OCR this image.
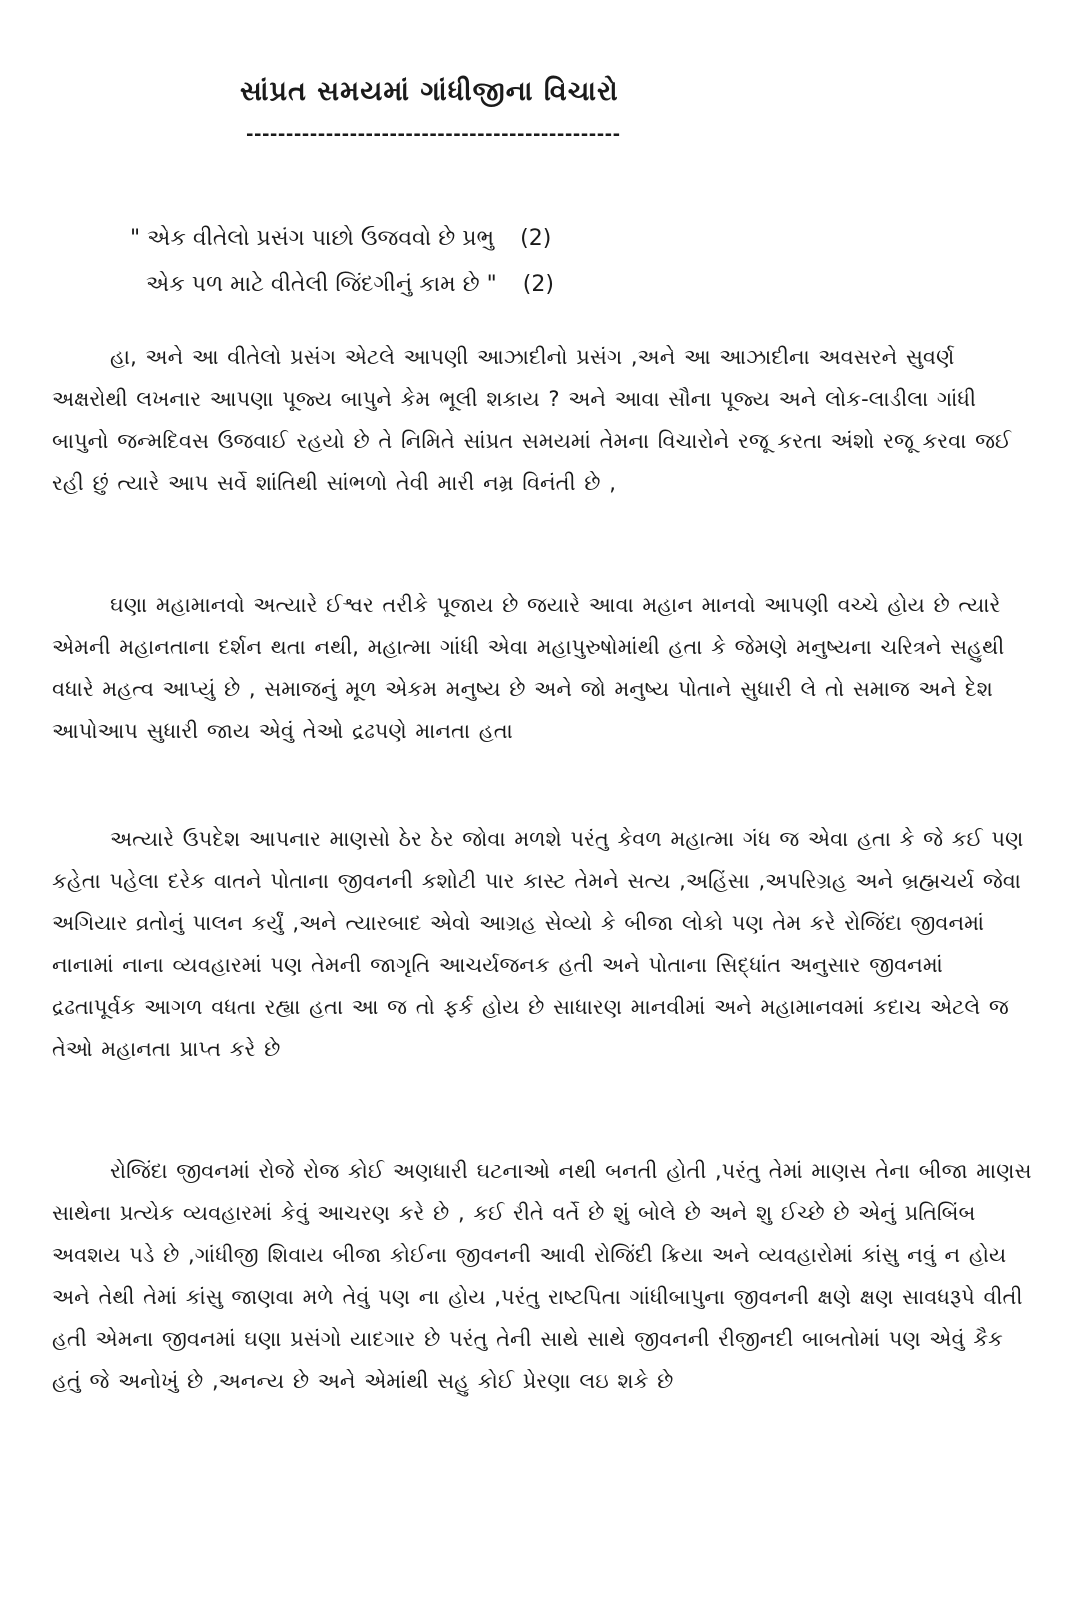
સાંપ્રત સમયમાં ગાંધીજીના વિચારો
-----------------------------------------------
" એક વીતેલો પ્રસંગ પાછો ઉજવવો છે પ્રભુ (2)
એક પળ માટે વીતેલી જિંદગીનું કામ છે " (2)

હા, અને આ વીતેલો પ્રસંગ એટલે આપણી આઝાદીનો પ્રસંગ ,અને આ આઝાદીના અવસરને સુવર્ણ અક્ષરોથી લખનાર આપણા પૂજ્ય બાપુને કેમ ભૂલી શકાય ? અને આવા સૌના પૂજ્ય અને લોક-લાડીલા ગાંધી બાપુનો જન્મદિવસ ઉજવાઈ રહયો છે તે નિમિતે સાંપ્રત સમયમાં તેમના વિચારોને રજૂ કરતા અંશો રજૂ કરવા જઈ રહી છું ત્યારે આપ સર્વે શાંતિથી સાંભળો તેવી મારી નમ્ર વિનંતી છે ,

ઘણા મહામાનવો અત્યારે ઈશ્વર તરીકે પૂજાય છે જયારે આવા મહાન માનવો આપણી વચ્ચે હોય છે ત્યારે એમની મહાનતાના દર્શન થતા નથી, મહાત્મા ગાંધી એવા મહાપુરુષોમાંથી હતા કે જેમણે મનુષ્યના ચરિત્રને સહુથી વધારે મહત્વ આપ્યું છે , સમાજનું મૂળ એકમ મનુષ્ય છે અને જો મનુષ્ય પોતાને સુધારી લે તો સમાજ અને દેશ આપોઆપ સુધારી જાય એવું તેઓ દ્રઢપણે માનતા હતા

અત્યારે ઉપદેશ આપનાર માણસો ઠેર ઠેર જોવા મળશે પરંતુ કેવળ મહાત્મા ગંધ જ એવા હતા કે જે કઈ પણ કહેતા પહેલા દરેક વાતને પોતાના જીવનની કશોટી પાર કાસ્ટ તેમને સત્ય ,અહિંસા ,અપરિગ્રહ અને બ્રહ્મચર્ય જેવા અગિયાર વ્રતોનું પાલન કર્યું ,અને ત્યારબાદ એવો આગ્રહ સેવ્યો કે બીજા લોકો પણ તેમ કરે રોજિંદા જીવનમાં નાનામાં નાના વ્યવહારમાં પણ તેમની જાગૃતિ આચર્યજનક હતી અને પોતાના સિદ્ધાંત અનુસાર જીવનમાં દ્રઢતાપૂર્વક આગળ વધતા રહ્યા હતા આ જ તો ફર્ક હોય છે સાધારણ માનવીમાં અને મહામાનવમાં કદાચ એટલે જ તેઓ મહાનતા પ્રાપ્ત કરે છે

રોજિંદા જીવનમાં રોજે રોજ કોઈ અણધારી ઘટનાઓ નથી બનતી હોતી ,પરંતુ તેમાં માણસ તેના બીજા માણસ સાથેના પ્રત્યેક વ્યવહારમાં કેવું આચરણ કરે છે , કઈ રીતે વર્તે છે શું બોલે છે અને શુ ઈચ્છે છે એનું પ્રતિબિંબ અવશય પડે છે ,ગાંધીજી શિવાય બીજા કોઈના જીવનની આવી રોજિંદી ક્રિયા અને વ્યવહારોમાં કાંસુ નવું ન હોય અને તેથી તેમાં કાંસુ જાણવા મળે તેવું પણ ના હોય ,પરંતુ રાષ્ટપિતા ગાંધીબાપુના જીવનની ક્ષણે ક્ષણ સાવધરૂપે વીતી હતી એમના જીવનમાં ઘણા પ્રસંગો યાદગાર છે પરંતુ તેની સાથે સાથે જીવનની રીજીનદી બાબતોમાં પણ એવું કૈક હતું જે અનોખું છે ,અનન્ય છે અને એમાંથી સહુ કોઈ પ્રેરણા લઇ શકે છે
